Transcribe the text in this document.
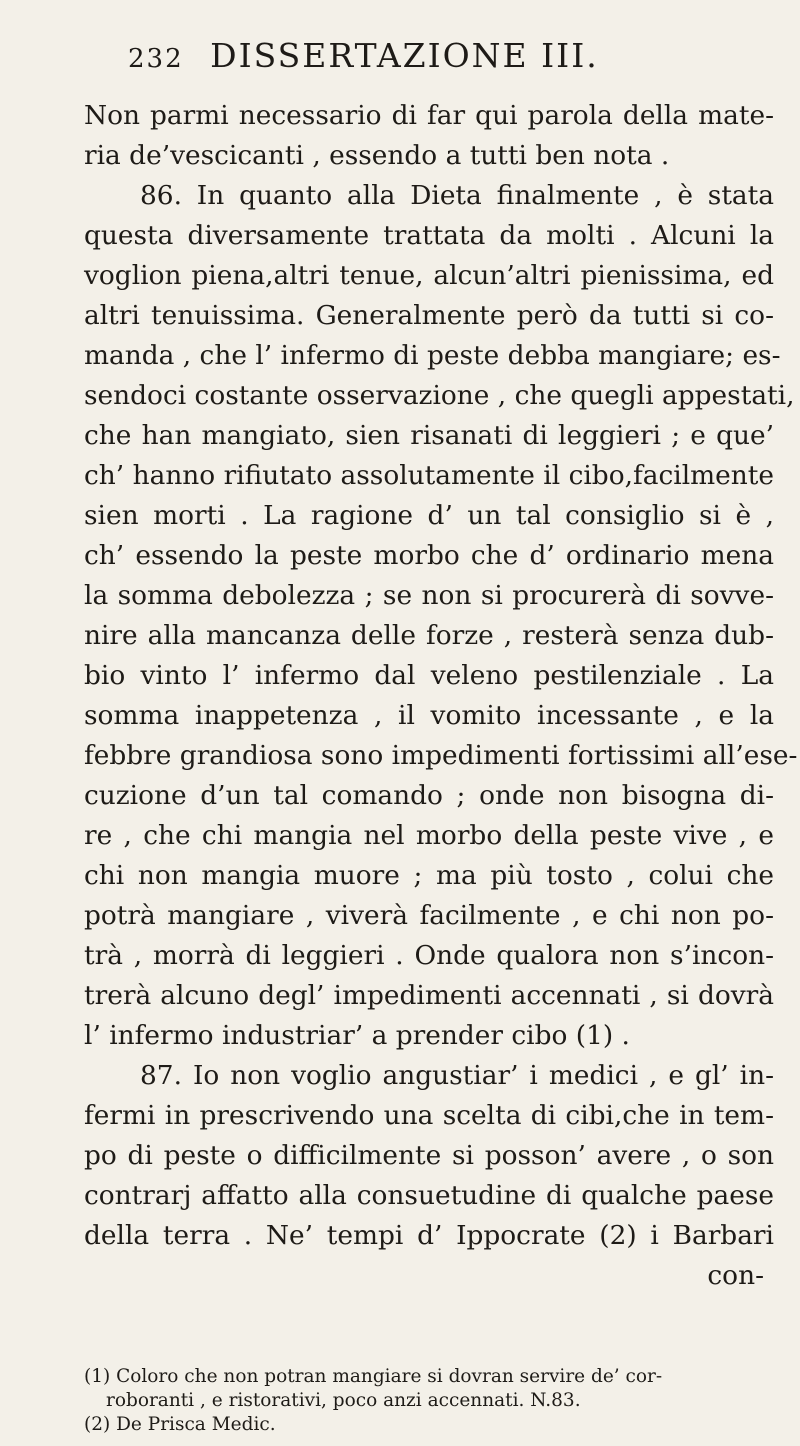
232 DISSERTAZIONE III.
Non parmi necessario di far qui parola della mate-
ria de’vescicanti , essendo a tutti ben nota .
86. In quanto alla Dieta finalmente , è stata
questa diversamente trattata da molti . Alcuni la
voglion piena,altri tenue, alcun’altri pienissima, ed
altri tenuissima. Generalmente però da tutti si co-
manda , che l’ infermo di peste debba mangiare; es-
sendoci costante osservazione , che quegli appestati,
che han mangiato, sien risanati di leggieri ; e que’
ch’ hanno rifiutato assolutamente il cibo,facilmente
sien morti . La ragione d’ un tal consiglio si è ,
ch’ essendo la peste morbo che d’ ordinario mena
la somma debolezza ; se non si procurerà di sovve-
nire alla mancanza delle forze , resterà senza dub-
bio vinto l’ infermo dal veleno pestilenziale . La
somma inappetenza , il vomito incessante , e la
febbre grandiosa sono impedimenti fortissimi all’ese-
cuzione d’un tal comando ; onde non bisogna di-
re , che chi mangia nel morbo della peste vive , e
chi non mangia muore ; ma più tosto , colui che
potrà mangiare , viverà facilmente , e chi non po-
trà , morrà di leggieri . Onde qualora non s’incon-
trerà alcuno degl’ impedimenti accennati , si dovrà
l’ infermo industriar’ a prender cibo (1) .
87. Io non voglio angustiar’ i medici , e gl’ in-
fermi in prescrivendo una scelta di cibi,che in tem-
po di peste o difficilmente si posson’ avere , o son
contrarj affatto alla consuetudine di qualche paese
della terra . Ne’ tempi d’ Ippocrate (2) i Barbari
con-
(1) Coloro che non potran mangiare si dovran servire de’ cor-
roboranti , e ristorativi, poco anzi accennati. N.83.
(2) De Prisca Medic.
